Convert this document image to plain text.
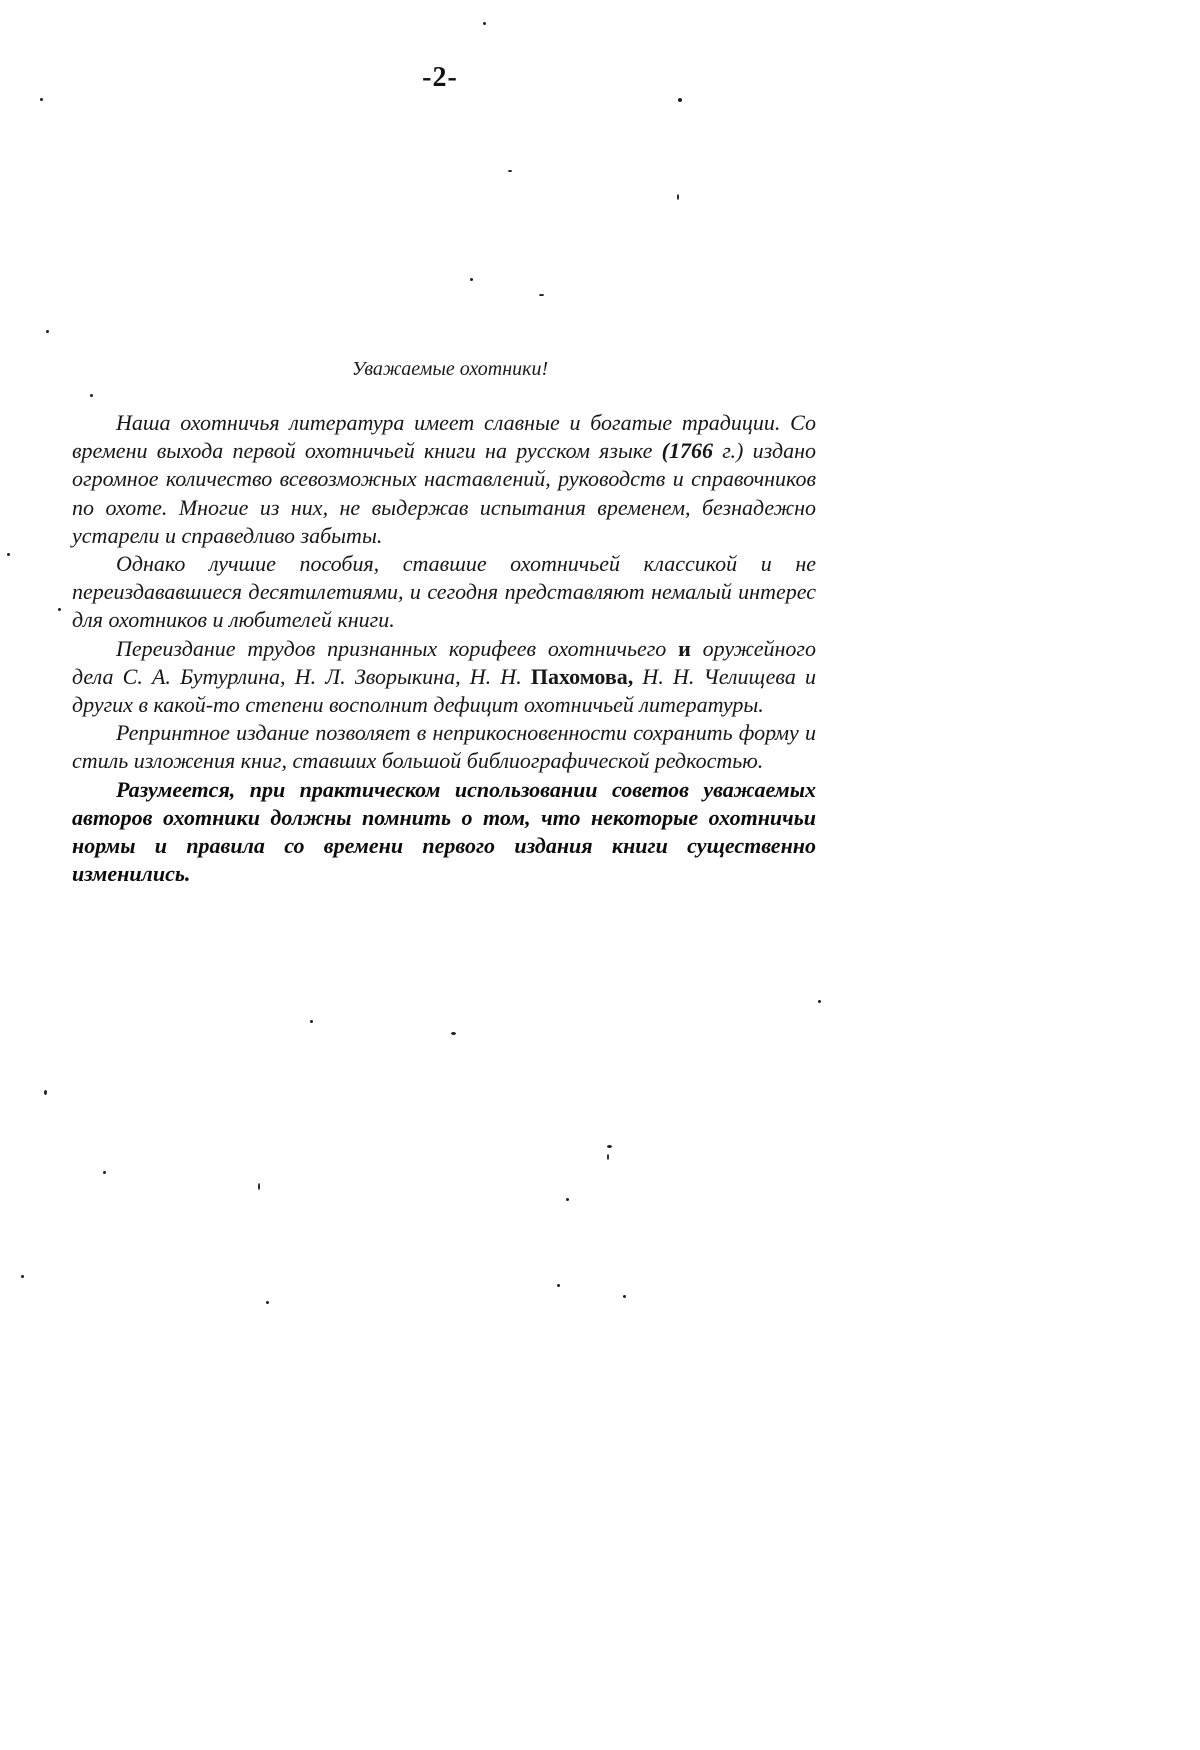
-2-
Уважаемые охотники!

Наша охотничья литература имеет славные и богатые традиции. Со времени выхода первой охотничьей книги на русском языке (1766 г.) издано огромное количество всевозможных наставлений, руководств и справочников по охоте. Многие из них, не выдержав испытания временем, безнадежно устарели и справедливо забыты.

Однако лучшие пособия, ставшие охотничьей классикой и не переиздававшиеся десятилетиями, и сегодня представляют немалый интерес для охотников и любителей книги.

Переиздание трудов признанных корифеев охотничьего и оружейного дела С. А. Бутурлина, Н. Л. Зворыкина, Н. Н. Пахомова, Н. Н. Челищева и других в какой-то степени восполнит дефицит охотничьей литературы.

Репринтное издание позволяет в неприкосновенности сохранить форму и стиль изложения книг, ставших большой библиографической редкостью.

Разумеется, при практическом использовании советов уважаемых авторов охотники должны помнить о том, что некоторые охотничьи нормы и правила со времени первого издания книги существенно изменились.
